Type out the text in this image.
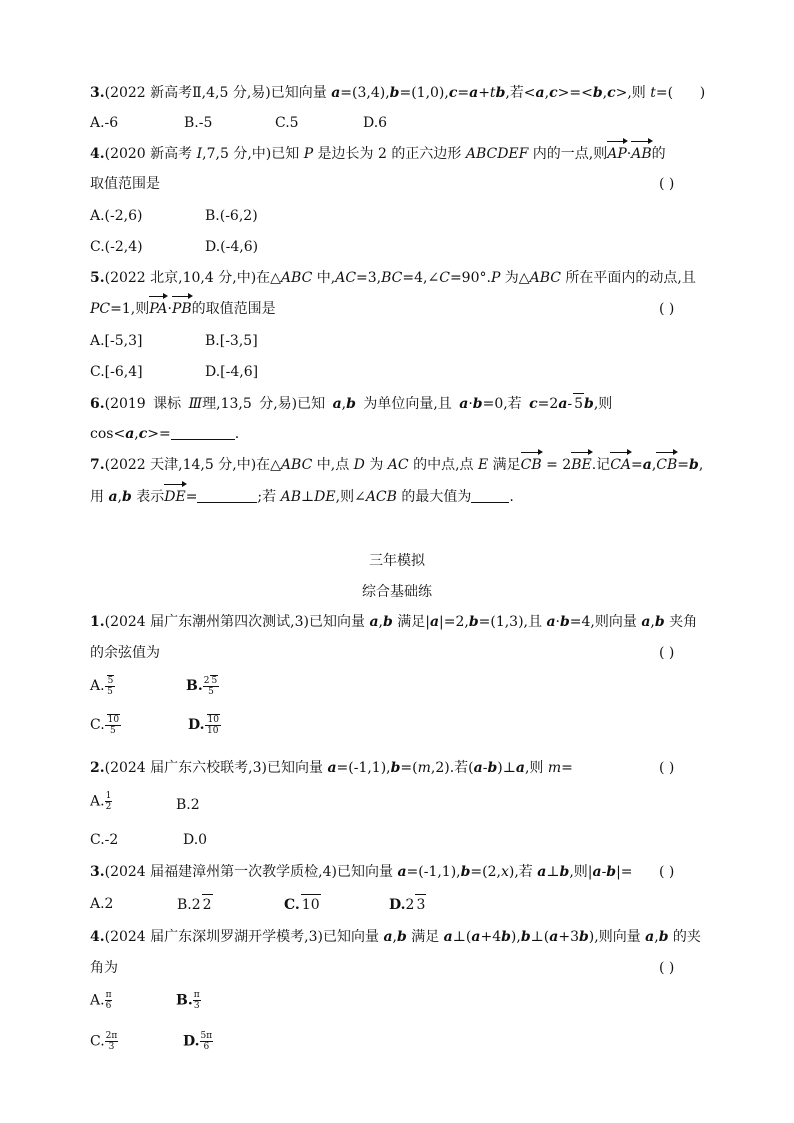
3.(2022 新高考Ⅱ,4,5 分,易)已知向量 a=(3,4),b=(1,0),c=a+tb,若<a,c>=<b,c>,则 t=(      )
A.-6	B.-5	C.5	D.6
4.(2020 新高考 Ⅰ,7,5 分,中)已知 P 是边长为 2 的正六边形 ABCDEF 内的一点,则AP·AB的
取值范围是	( )
A.(-2,6)	B.(-6,2)
C.(-2,4)	D.(-4,6)
5.(2022 北京,10,4 分,中)在△ABC 中,AC=3,BC=4,∠C=90°.P 为△ABC 所在平面内的动点,且
PC=1,则PA·PB的取值范围是	( )
A.[-5,3]	B.[-3,5]
C.[-6,4]	D.[-4,6]
6.(2019 课标 Ⅲ理,13,5 分,易)已知 a,b 为单位向量,且 a·b=0,若 c=2a- 5b,则
cos<a,c>=	.
7.(2022 天津,14,5 分,中)在△ABC 中,点 D 为 AC 的中点,点 E 满足CB = 2BE.记CA=a,CB=b,
用 a,b 表示DE=	;若 AB⊥DE,则∠ACB 的最大值为	.
三年模拟
综合基础练
1.(2024 届广东潮州第四次测试,3)已知向量 a,b 满足|a|=2,b=(1,3),且 a·b=4,则向量 a,b 夹角
的余弦值为	( )
A. $\frac{5}{5}$	B. $\frac{2 5}{5}$
C. $\frac{10}{5}$	D. $\frac{10}{10}$
2.(2024 届广东六校联考,3)已知向量 a=(-1,1),b=(m,2).若(a-b)⊥a,则 m=	( )
A. $\frac{1}{2}$	B.2
C.-2	D.0
3.(2024 届福建漳州第一次教学质检,4)已知向量 a=(-1,1),b=(2,x),若 a⊥b,则|a-b|= ( )
A.2	B.2 2	C. 10	D.2 3
4.(2024 届广东深圳罗湖开学模考,3)已知向量 a,b 满足 a⊥(a+4b),b⊥(a+3b),则向量 a,b 的夹
角为	( )
A. $\frac{\pi}{6}$	B. $\frac{\pi}{3}$
C. $\frac{2\pi}{3}$	D. $\frac{5\pi}{6}$
